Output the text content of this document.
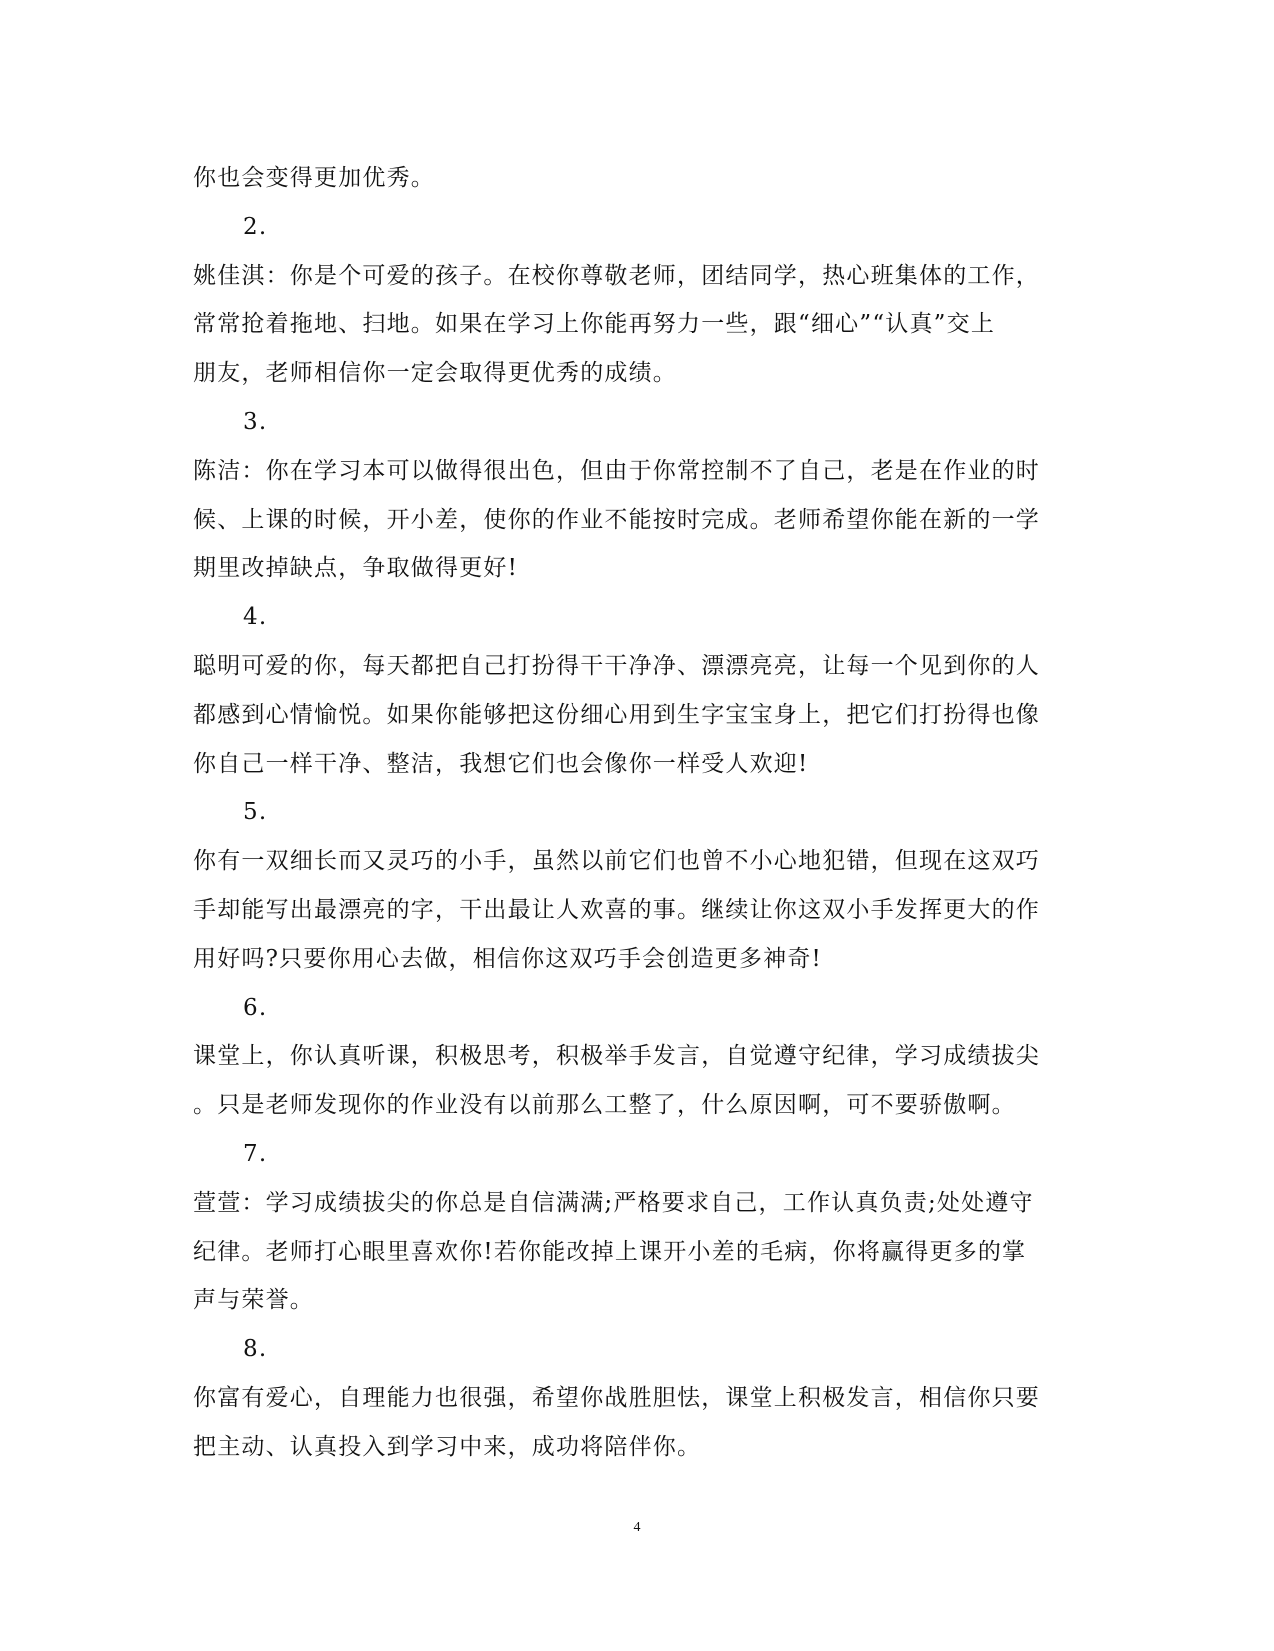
你也会变得更加优秀。
2.
姚佳淇：你是个可爱的孩子。在校你尊敬老师，团结同学，热心班集体的工作，
常常抢着拖地、扫地。如果在学习上你能再努力一些，跟“细心”“认真”交上
朋友，老师相信你一定会取得更优秀的成绩。
3.
陈洁：你在学习本可以做得很出色，但由于你常控制不了自己，老是在作业的时
候、上课的时候，开小差，使你的作业不能按时完成。老师希望你能在新的一学
期里改掉缺点，争取做得更好!
4.
聪明可爱的你，每天都把自己打扮得干干净净、漂漂亮亮，让每一个见到你的人
都感到心情愉悦。如果你能够把这份细心用到生字宝宝身上，把它们打扮得也像
你自己一样干净、整洁，我想它们也会像你一样受人欢迎!
5.
你有一双细长而又灵巧的小手，虽然以前它们也曾不小心地犯错，但现在这双巧
手却能写出最漂亮的字，干出最让人欢喜的事。继续让你这双小手发挥更大的作
用好吗?只要你用心去做，相信你这双巧手会创造更多神奇!
6.
课堂上，你认真听课，积极思考，积极举手发言，自觉遵守纪律，学习成绩拔尖
。只是老师发现你的作业没有以前那么工整了，什么原因啊，可不要骄傲啊。
7.
萱萱：学习成绩拔尖的你总是自信满满;严格要求自己，工作认真负责;处处遵守
纪律。老师打心眼里喜欢你!若你能改掉上课开小差的毛病，你将赢得更多的掌
声与荣誉。
8.
你富有爱心，自理能力也很强，希望你战胜胆怯，课堂上积极发言，相信你只要
把主动、认真投入到学习中来，成功将陪伴你。
4
